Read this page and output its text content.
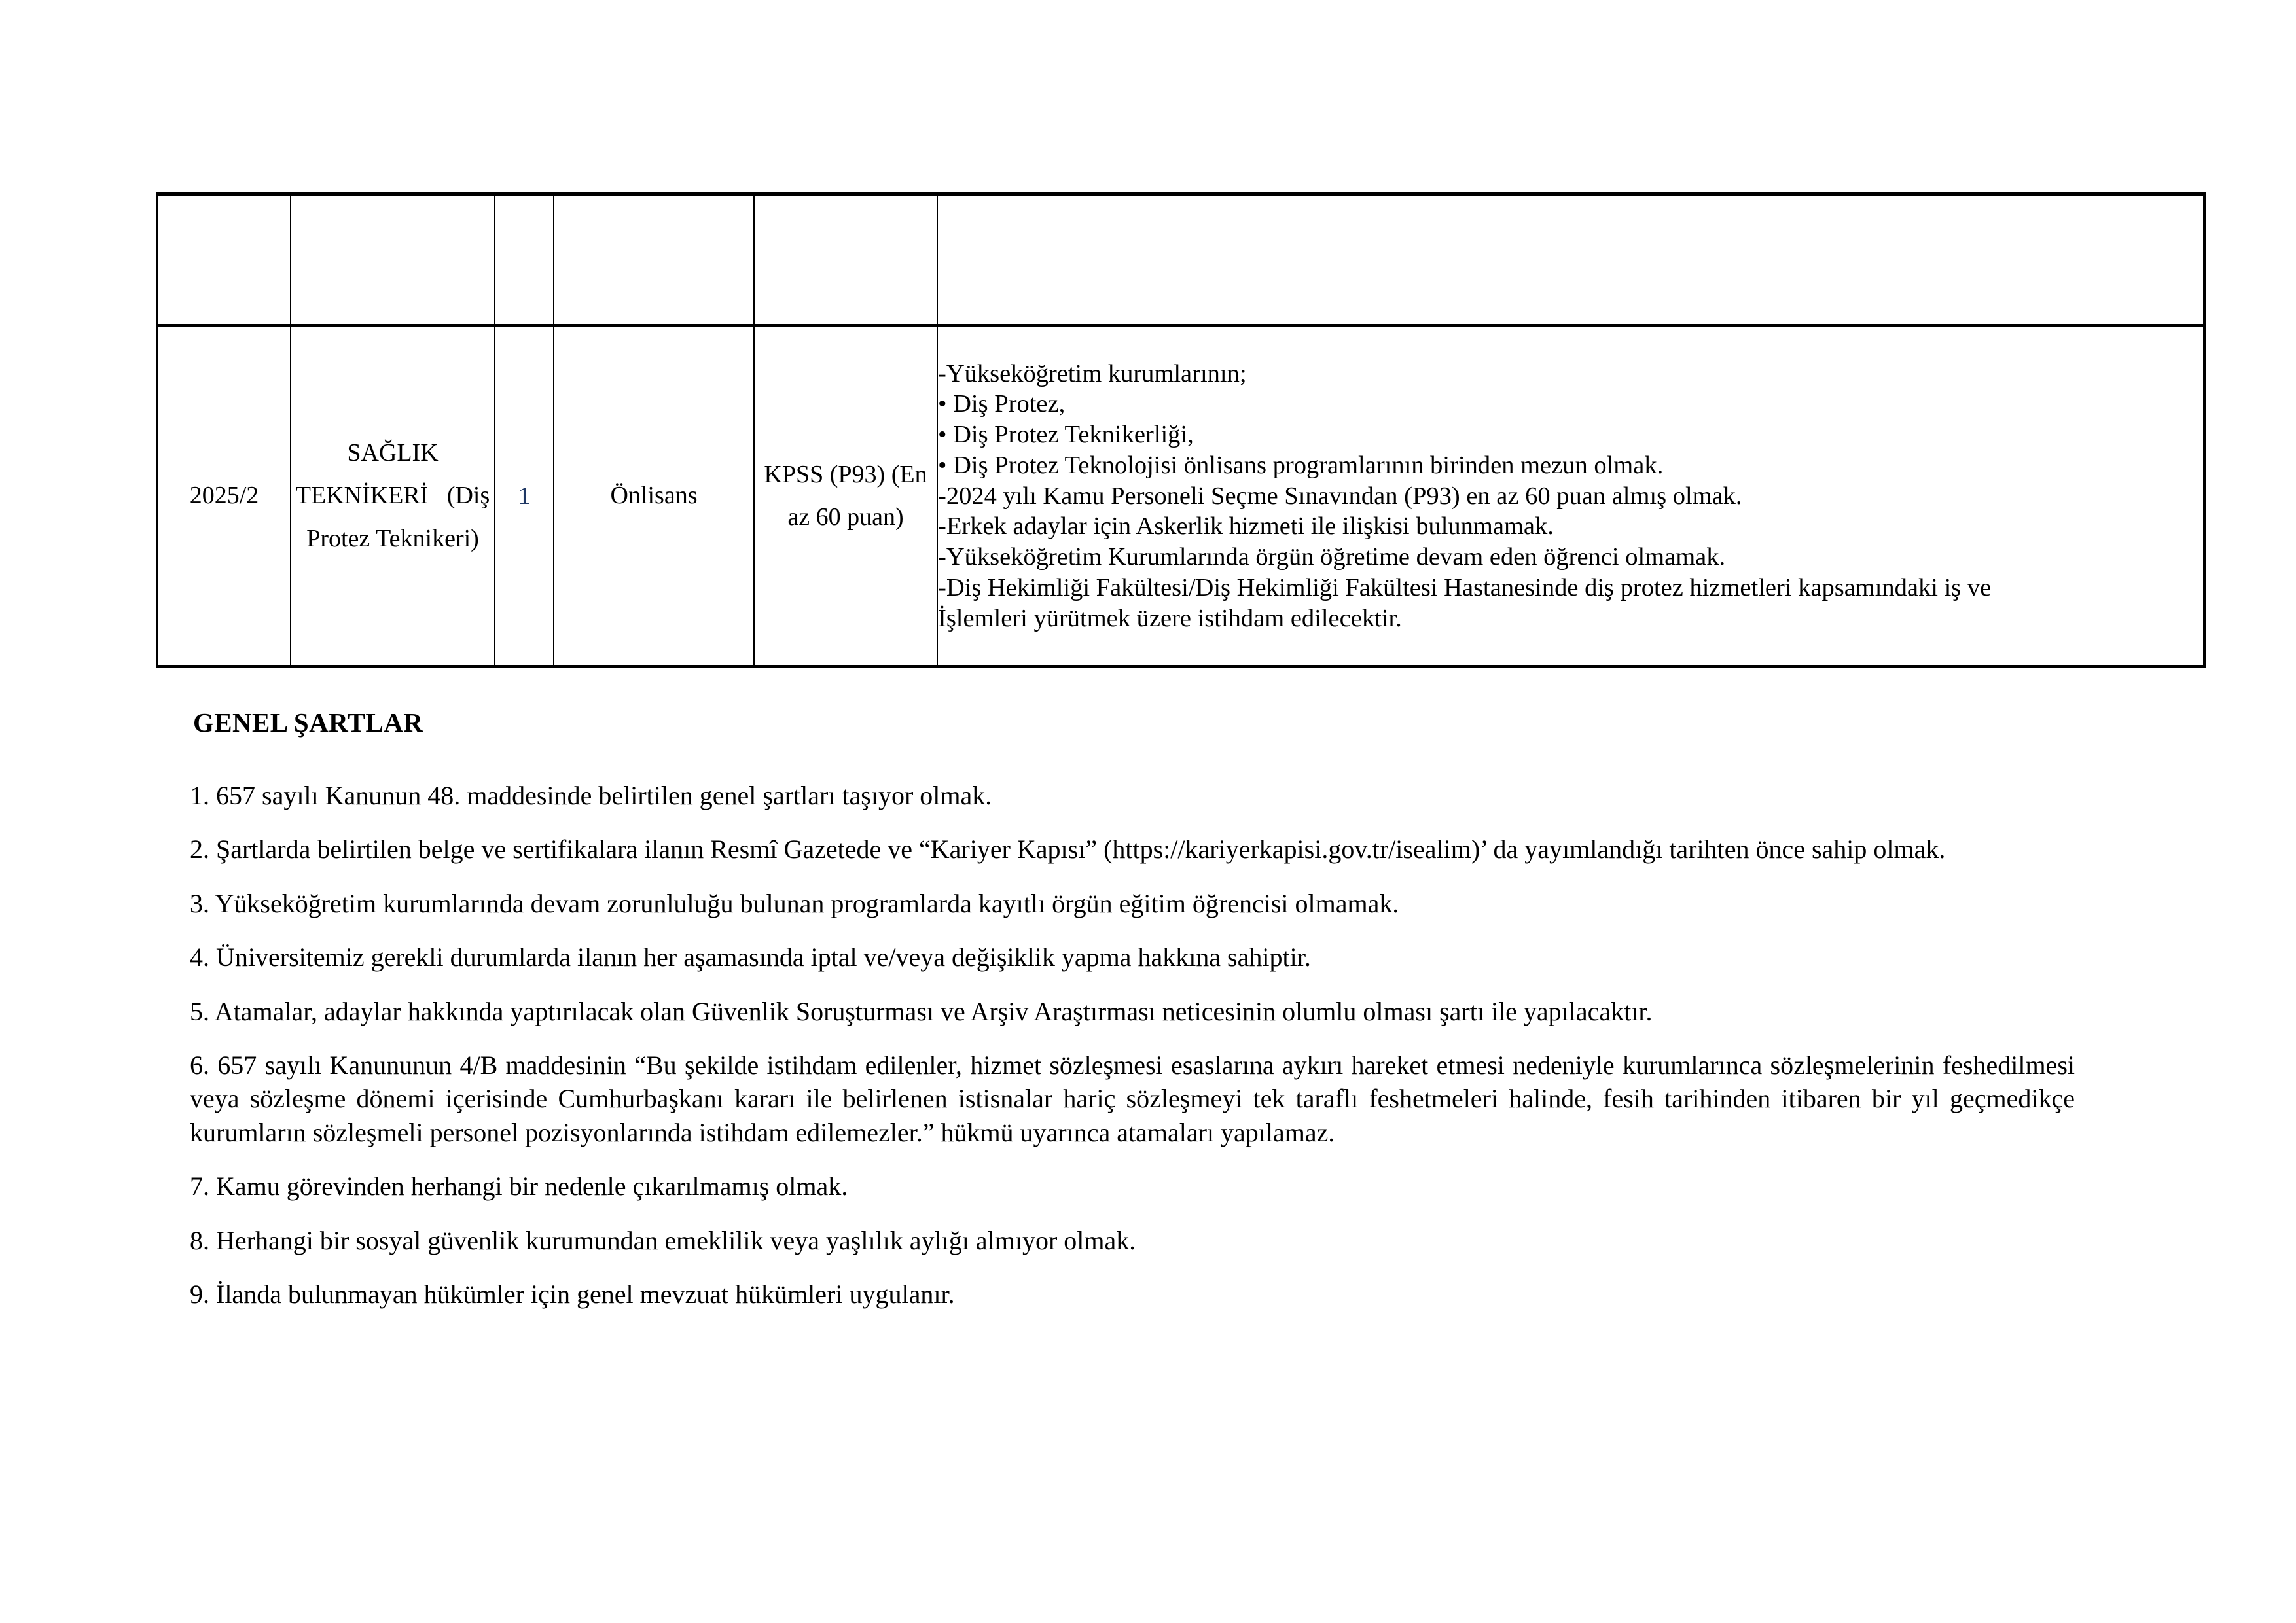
2025/2	SAĞLIK TEKNİKERİ (Diş Protez Teknikeri)	1	Önlisans	KPSS (P93) (En az 60 puan)	
-Yükseköğretim kurumlarının;
• Diş Protez,
• Diş Protez Teknikerliği,
• Diş Protez Teknolojisi önlisans programlarının birinden mezun olmak.
-2024 yılı Kamu Personeli Seçme Sınavından (P93) en az 60 puan almış olmak.
-Erkek adaylar için Askerlik hizmeti ile ilişkisi bulunmamak.
-Yükseköğretim Kurumlarında örgün öğretime devam eden öğrenci olmamak.
-Diş Hekimliği Fakültesi/Diş Hekimliği Fakültesi Hastanesinde diş protez hizmetleri kapsamındaki iş ve
İşlemleri yürütmek üzere istihdam edilecektir.
GENEL ŞARTLAR

1. 657 sayılı Kanunun 48. maddesinde belirtilen genel şartları taşıyor olmak.

2. Şartlarda belirtilen belge ve sertifikalara ilanın Resmî Gazetede ve “Kariyer Kapısı” (https://kariyerkapisi.gov.tr/isealim)’ da yayımlandığı tarihten önce sahip olmak.

3. Yükseköğretim kurumlarında devam zorunluluğu bulunan programlarda kayıtlı örgün eğitim öğrencisi olmamak.

4. Üniversitemiz gerekli durumlarda ilanın her aşamasında iptal ve/veya değişiklik yapma hakkına sahiptir.

5. Atamalar, adaylar hakkında yaptırılacak olan Güvenlik Soruşturması ve Arşiv Araştırması neticesinin olumlu olması şartı ile yapılacaktır.

6. 657 sayılı Kanununun 4/B maddesinin “Bu şekilde istihdam edilenler, hizmet sözleşmesi esaslarına aykırı hareket etmesi nedeniyle kurumlarınca sözleşmelerinin feshedilmesi veya sözleşme dönemi içerisinde Cumhurbaşkanı kararı ile belirlenen istisnalar hariç sözleşmeyi tek taraflı feshetmeleri halinde, fesih tarihinden itibaren bir yıl geçmedikçe kurumların sözleşmeli personel pozisyonlarında istihdam edilemezler.” hükmü uyarınca atamaları yapılamaz.

7. Kamu görevinden herhangi bir nedenle çıkarılmamış olmak.

8. Herhangi bir sosyal güvenlik kurumundan emeklilik veya yaşlılık aylığı almıyor olmak.

9. İlanda bulunmayan hükümler için genel mevzuat hükümleri uygulanır.
